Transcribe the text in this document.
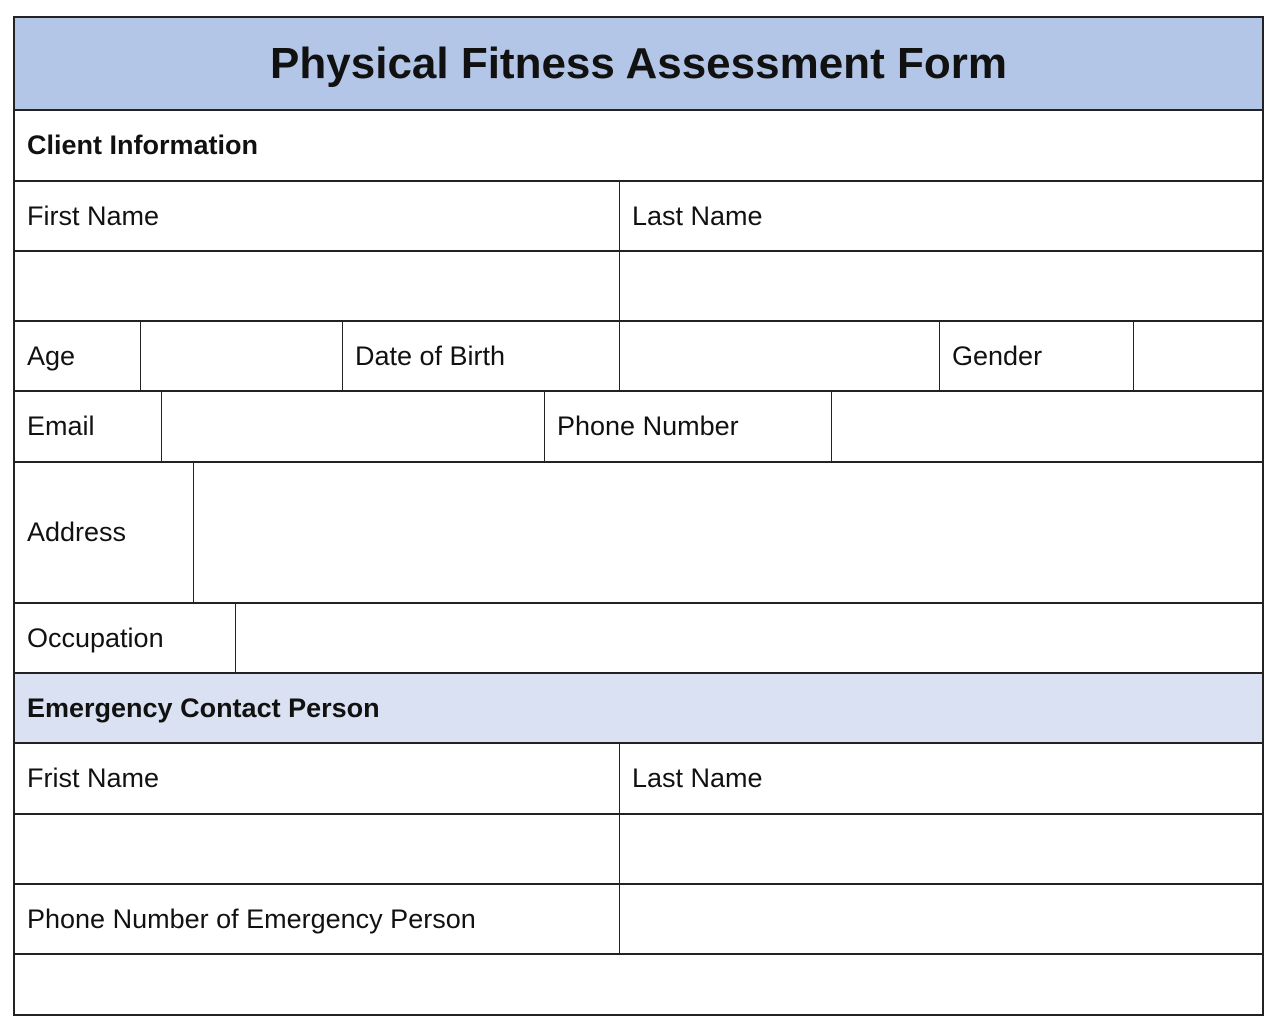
Physical Fitness Assessment Form
Client Information
First Name	Last Name
Age	Date of Birth	Gender
Email	Phone Number
Address
Occupation
Emergency Contact Person
Frist Name	Last Name
Phone Number of Emergency Person
